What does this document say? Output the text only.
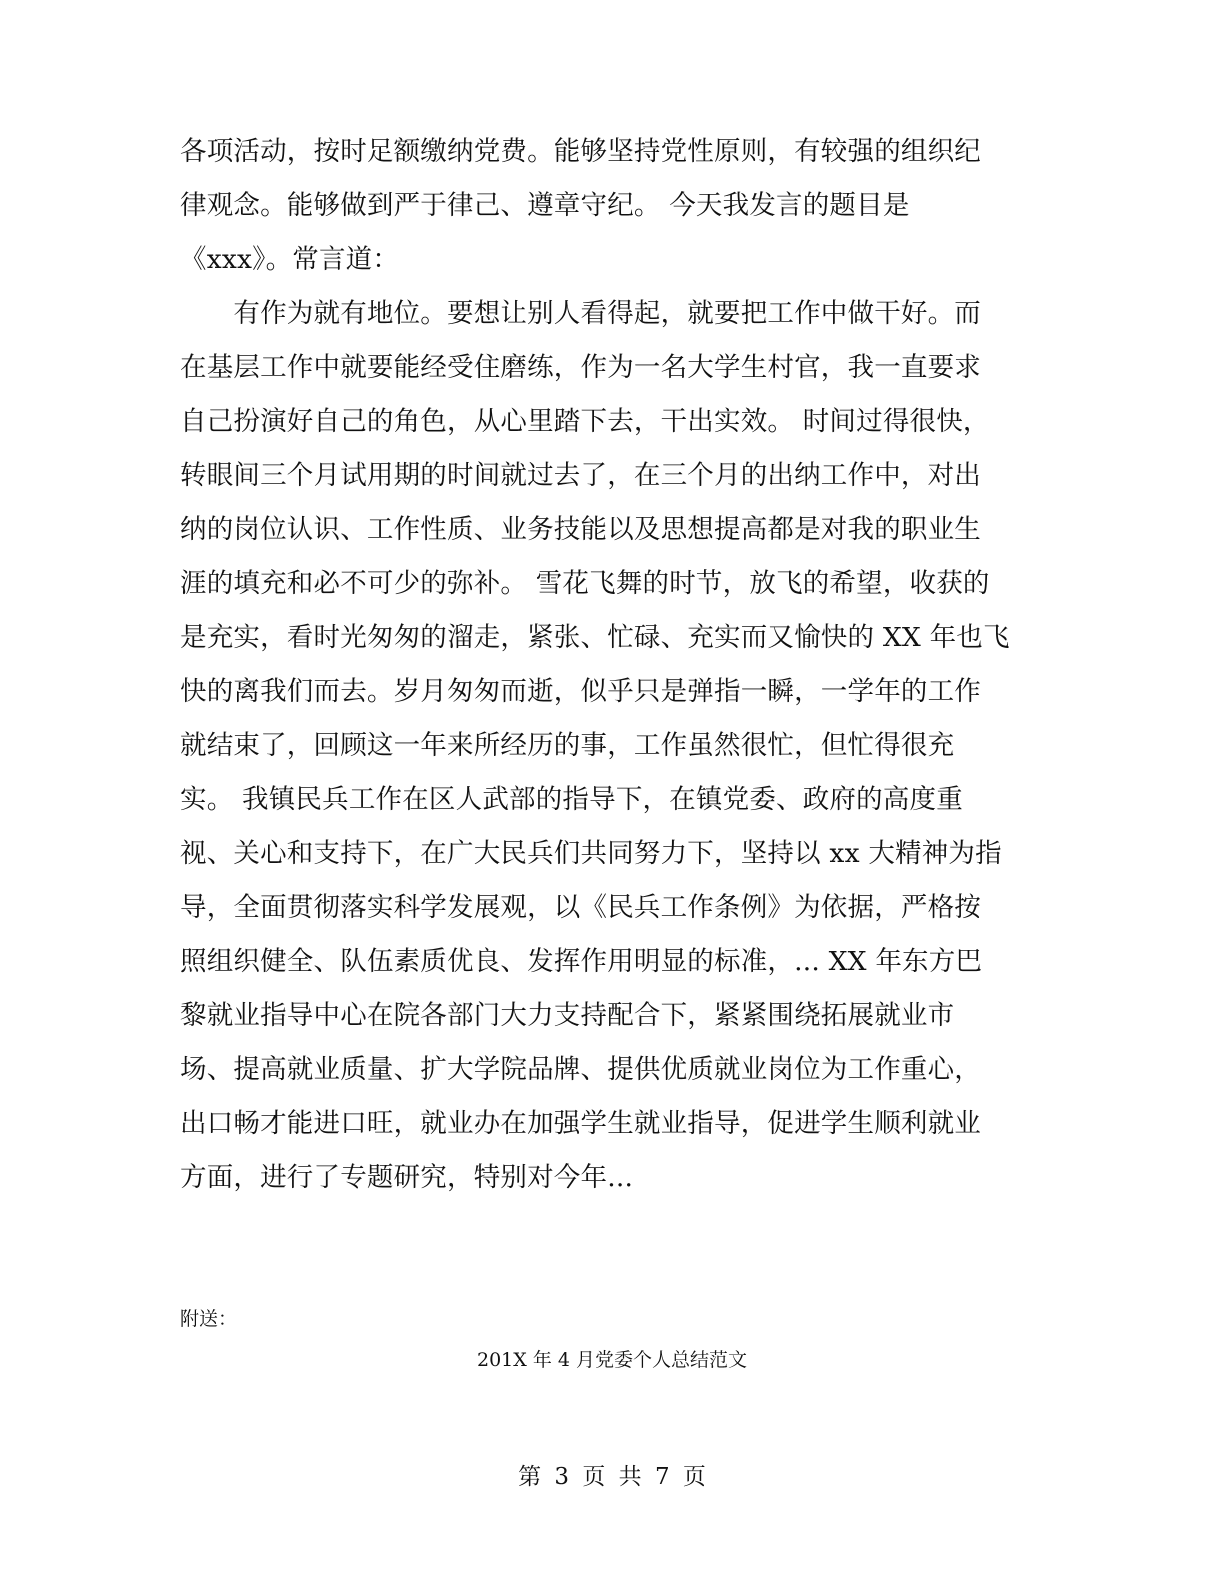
各项活动，按时足额缴纳党费。能够坚持党性原则，有较强的组织纪
律观念。能够做到严于律己、遵章守纪。 今天我发言的题目是
《xxx》。常言道：
　　有作为就有地位。要想让别人看得起，就要把工作中做干好。而
在基层工作中就要能经受住磨练，作为一名大学生村官，我一直要求
自己扮演好自己的角色，从心里踏下去，干出实效。 时间过得很快，
转眼间三个月试用期的时间就过去了，在三个月的出纳工作中，对出
纳的岗位认识、工作性质、业务技能以及思想提高都是对我的职业生
涯的填充和必不可少的弥补。 雪花飞舞的时节，放飞的希望，收获的
是充实，看时光匆匆的溜走，紧张、忙碌、充实而又愉快的 XX 年也飞
快的离我们而去。岁月匆匆而逝，似乎只是弹指一瞬，一学年的工作
就结束了，回顾这一年来所经历的事，工作虽然很忙，但忙得很充
实。 我镇民兵工作在区人武部的指导下，在镇党委、政府的高度重
视、关心和支持下，在广大民兵们共同努力下，坚持以 xx 大精神为指
导，全面贯彻落实科学发展观，以《民兵工作条例》为依据，严格按
照组织健全、队伍素质优良、发挥作用明显的标准，... XX 年东方巴
黎就业指导中心在院各部门大力支持配合下，紧紧围绕拓展就业市
场、提高就业质量、扩大学院品牌、提供优质就业岗位为工作重心，
出口畅才能进口旺，就业办在加强学生就业指导，促进学生顺利就业
方面，进行了专题研究，特别对今年...
附送：
201X 年 4 月党委个人总结范文
第 3 页 共 7 页
